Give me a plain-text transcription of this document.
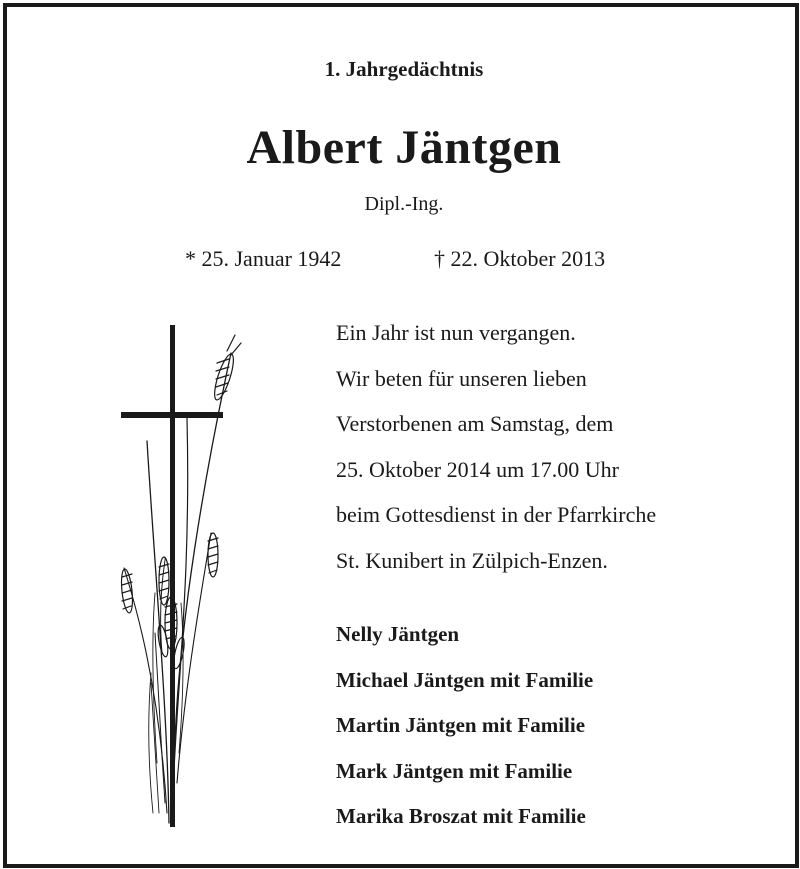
1. Jahrgedächtnis
Albert Jäntgen
Dipl.-Ing.
* 25. Januar 1942	† 22. Oktober 2013
Ein Jahr ist nun vergangen.
Wir beten für unseren lieben
Verstorbenen am Samstag, dem
25. Oktober 2014 um 17.00 Uhr
beim Gottesdienst in der Pfarrkirche
St. Kunibert in Zülpich-Enzen.
Nelly Jäntgen
Michael Jäntgen mit Familie
Martin Jäntgen mit Familie
Mark Jäntgen mit Familie
Marika Broszat mit Familie
